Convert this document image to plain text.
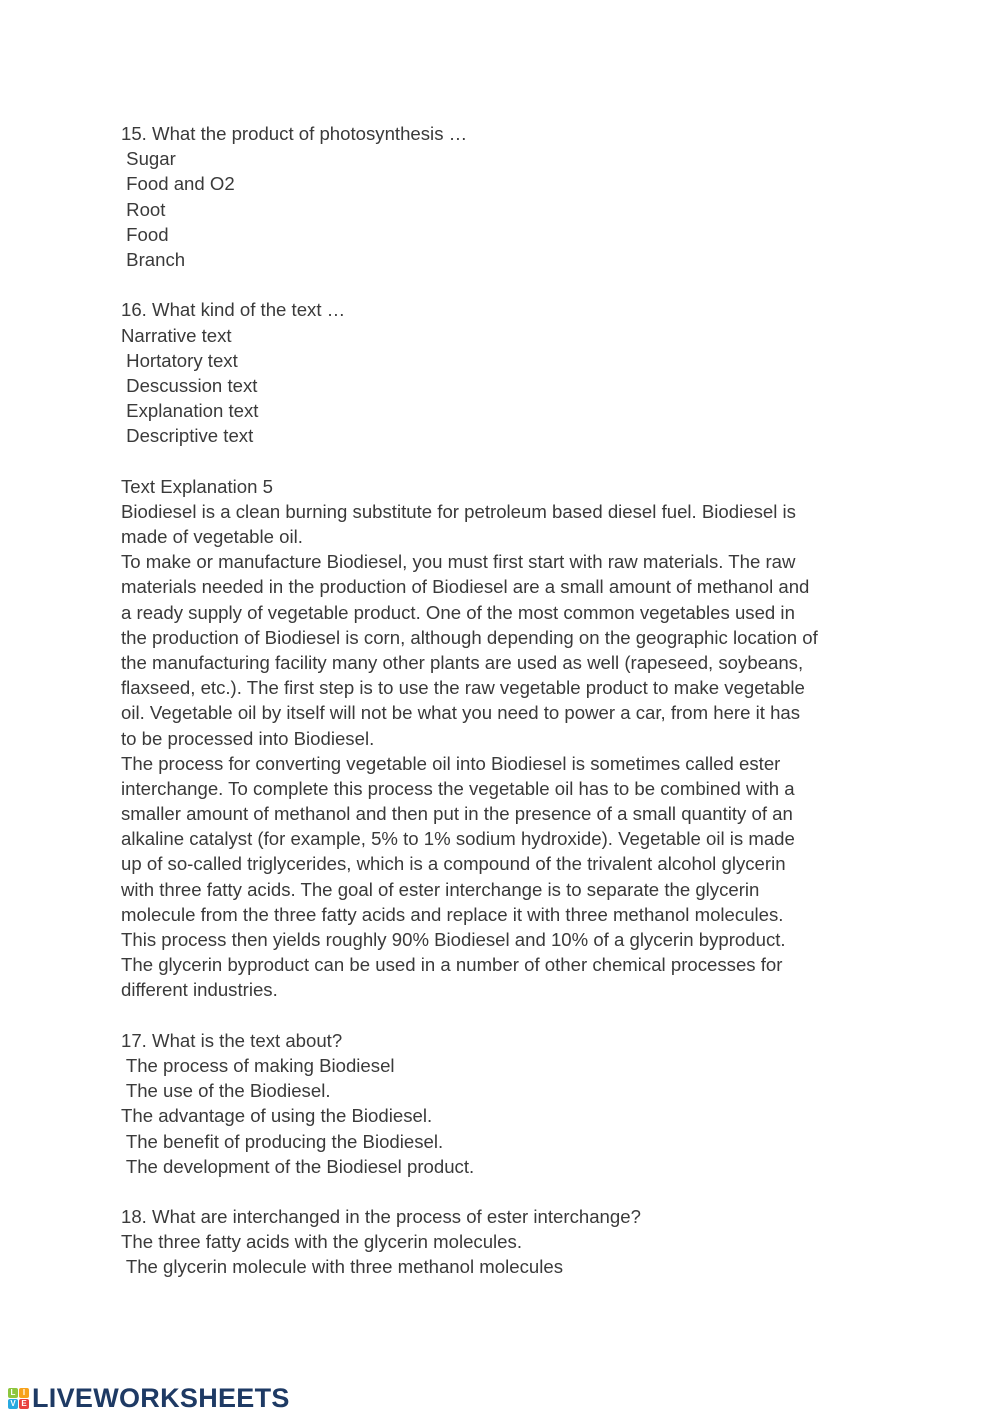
15. What the product of photosynthesis …
Sugar
Food and O2
Root
Food
Branch
16. What kind of the text …
Narrative text
Hortatory text
Descussion text
Explanation text
Descriptive text
Text Explanation 5
Biodiesel is a clean burning substitute for petroleum based diesel fuel. Biodiesel is
made of vegetable oil.
To make or manufacture Biodiesel, you must first start with raw materials. The raw
materials needed in the production of Biodiesel are a small amount of methanol and
a ready supply of vegetable product. One of the most common vegetables used in
the production of Biodiesel is corn, although depending on the geographic location of
the manufacturing facility many other plants are used as well (rapeseed, soybeans,
flaxseed, etc.). The first step is to use the raw vegetable product to make vegetable
oil. Vegetable oil by itself will not be what you need to power a car, from here it has
to be processed into Biodiesel.
The process for converting vegetable oil into Biodiesel is sometimes called ester
interchange. To complete this process the vegetable oil has to be combined with a
smaller amount of methanol and then put in the presence of a small quantity of an
alkaline catalyst (for example, 5% to 1% sodium hydroxide). Vegetable oil is made
up of so-called triglycerides, which is a compound of the trivalent alcohol glycerin
with three fatty acids. The goal of ester interchange is to separate the glycerin
molecule from the three fatty acids and replace it with three methanol molecules.
This process then yields roughly 90% Biodiesel and 10% of a glycerin byproduct.
The glycerin byproduct can be used in a number of other chemical processes for
different industries.
17. What is the text about?
The process of making Biodiesel
The use of the Biodiesel.
The advantage of using the Biodiesel.
The benefit of producing the Biodiesel.
The development of the Biodiesel product.
18. What are interchanged in the process of ester interchange?
The three fatty acids with the glycerin molecules.
The glycerin molecule with three methanol molecules
L I
V E LIVEWORKSHEETS
